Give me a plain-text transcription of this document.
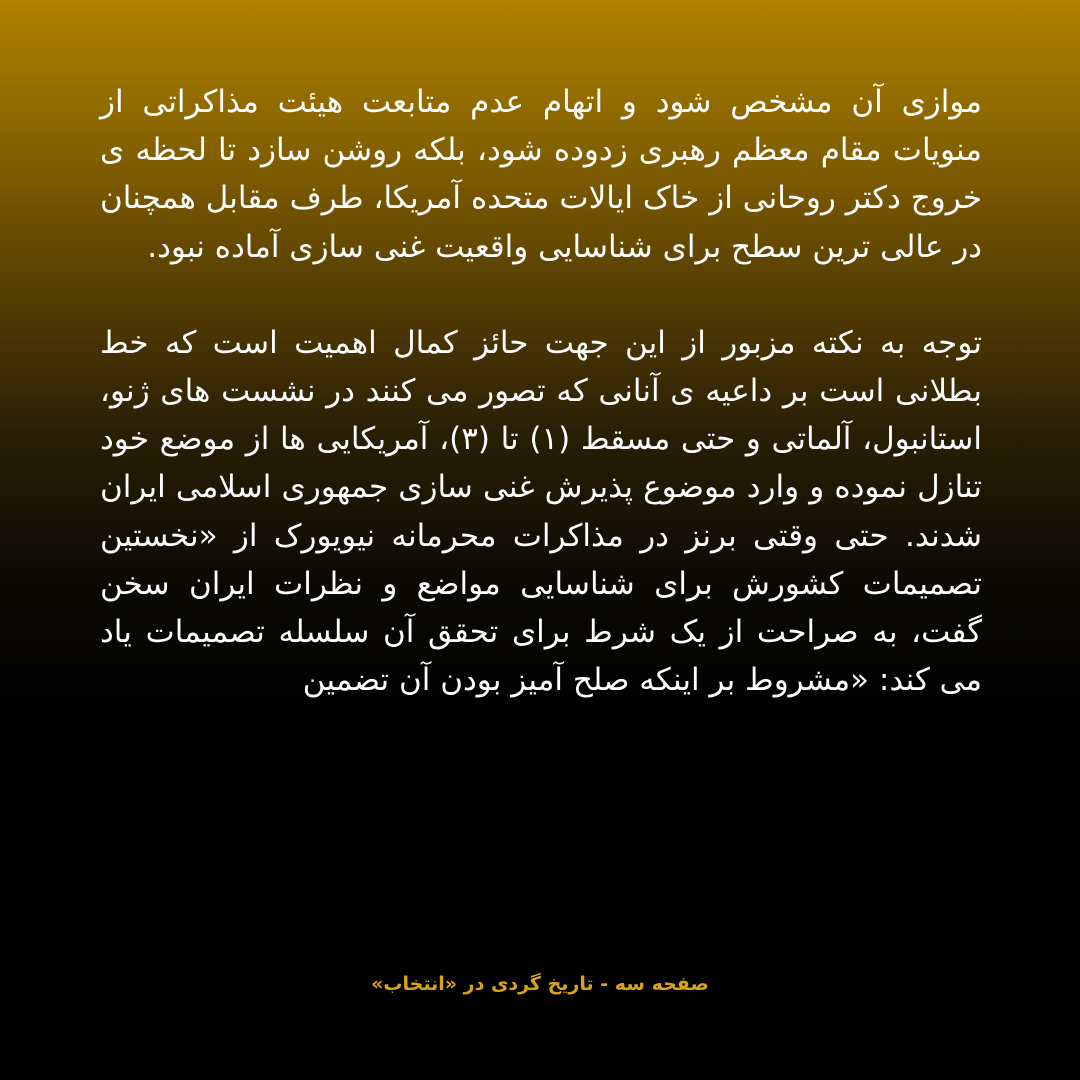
موازی آن مشخص شود و اتهام عدم متابعت هیئت مذاکراتی از منویات مقام معظم رهبری زدوده شود، بلکه روشن سازد تا لحظه ی خروج دکتر روحانی از خاک ایالات متحده آمریکا، طرف مقابل همچنان در عالی ترین سطح برای شناسایی واقعیت غنی سازی آماده نبود.

توجه به نکته مزبور از این جهت حائز کمال اهمیت است که خط بطلانی است بر داعیه ی آنانی که تصور می کنند در نشست های ژنو، استانبول، آلماتی و حتی مسقط (۱) تا (۳)، آمریکایی ها از موضع خود تنازل نموده و وارد موضوع پذیرش غنی سازی جمهوری اسلامی ایران شدند. حتی وقتی برنز در مذاکرات محرمانه نیویورک از «نخستین تصمیمات کشورش برای شناسایی مواضع و نظرات ایران سخن گفت، به صراحت از یک شرط برای تحقق آن سلسله تصمیمات یاد می کند: «مشروط بر اینکه صلح آمیز بودن آن تضمین

صفحه سه - تاریخ گردی در «انتخاب»
